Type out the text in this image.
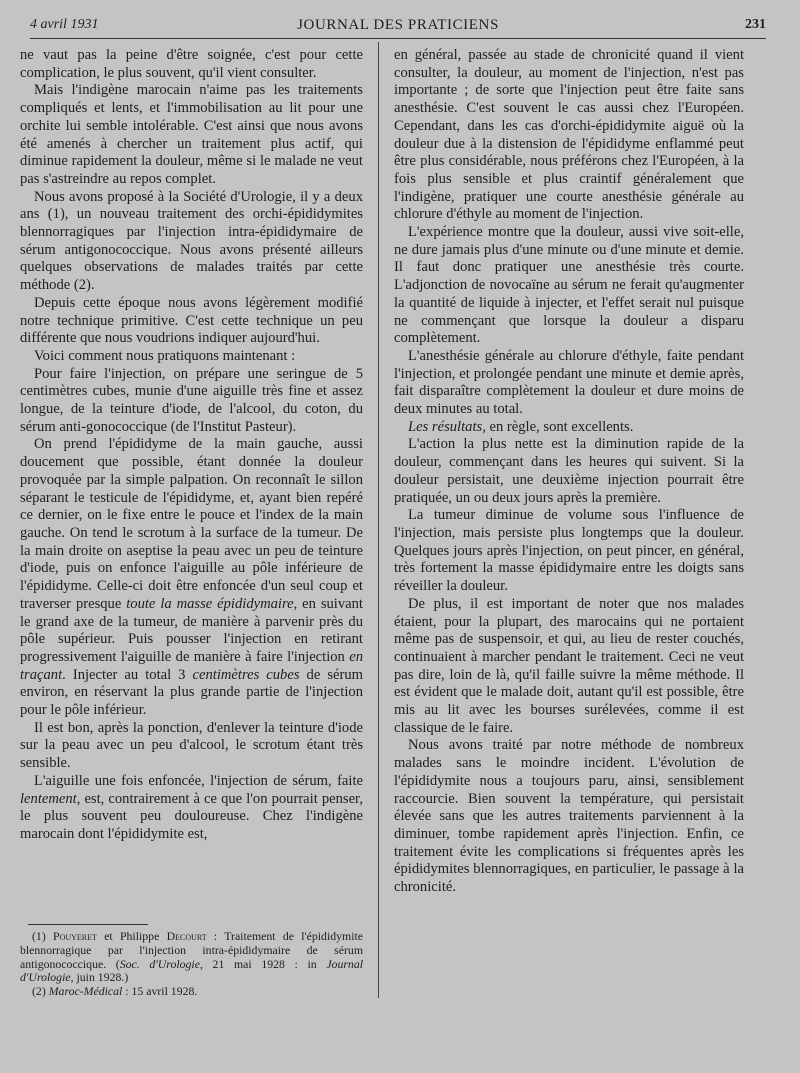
4 avril 1931	JOURNAL DES PRATICIENS	231

ne vaut pas la peine d'être soignée, c'est pour cette complication, le plus souvent, qu'il vient consulter.

Mais l'indigène marocain n'aime pas les traitements compliqués et lents, et l'immobilisation au lit pour une orchite lui semble intolérable. C'est ainsi que nous avons été amenés à chercher un traitement plus actif, qui diminue rapidement la douleur, même si le malade ne veut pas s'astreindre au repos complet.

Nous avons proposé à la Société d'Urologie, il y a deux ans (1), un nouveau traitement des orchi-épididymites blennorragiques par l'injection intra-épididymaire de sérum antigonococcique. Nous avons présenté ailleurs quelques observations de malades traités par cette méthode (2).

Depuis cette époque nous avons légèrement modifié notre technique primitive. C'est cette technique un peu différente que nous voudrions indiquer aujourd'hui.

Voici comment nous pratiquons maintenant :

Pour faire l'injection, on prépare une seringue de 5 centimètres cubes, munie d'une aiguille très fine et assez longue, de la teinture d'iode, de l'alcool, du coton, du sérum anti-gonococcique (de l'Institut Pasteur).

On prend l'épididyme de la main gauche, aussi doucement que possible, étant donnée la douleur provoquée par la simple palpation. On reconnaît le sillon séparant le testicule de l'épididyme, et, ayant bien repéré ce dernier, on le fixe entre le pouce et l'index de la main gauche. On tend le scrotum à la surface de la tumeur. De la main droite on aseptise la peau avec un peu de teinture d'iode, puis on enfonce l'aiguille au pôle inférieure de l'épididyme. Celle-ci doit être enfoncée d'un seul coup et traverser presque toute la masse épididymaire, en suivant le grand axe de la tumeur, de manière à parvenir près du pôle supérieur. Puis pousser l'injection en retirant progressivement l'aiguille de manière à faire l'injection en traçant. Injecter au total 3 centimètres cubes de sérum environ, en réservant la plus grande partie de l'injection pour le pôle inférieur.

Il est bon, après la ponction, d'enlever la teinture d'iode sur la peau avec un peu d'alcool, le scrotum étant très sensible.

L'aiguille une fois enfoncée, l'injection de sérum, faite lentement, est, contrairement à ce que l'on pourrait penser, le plus souvent peu douloureuse. Chez l'indigène marocain dont l'épididymite est,

(1) Pouyeret et Philippe Decourt : Traitement de l'épididymite blennorragique par l'injection intra-épididymaire de sérum antigonococcique. (Soc. d'Urologie, 21 mai 1928 : in Journal d'Urologie, juin 1928.)

(2) Maroc-Médical : 15 avril 1928.

en général, passée au stade de chronicité quand il vient consulter, la douleur, au moment de l'injection, n'est pas importante ; de sorte que l'injection peut être faite sans anesthésie. C'est souvent le cas aussi chez l'Européen. Cependant, dans les cas d'orchi-épididymite aiguë où la douleur due à la distension de l'épididyme enflammé peut être plus considérable, nous préférons chez l'Européen, à la fois plus sensible et plus craintif généralement que l'indigène, pratiquer une courte anesthésie générale au chlorure d'éthyle au moment de l'injection.

L'expérience montre que la douleur, aussi vive soit-elle, ne dure jamais plus d'une minute ou d'une minute et demie. Il faut donc pratiquer une anesthésie très courte. L'adjonction de novocaïne au sérum ne ferait qu'augmenter la quantité de liquide à injecter, et l'effet serait nul puisque ne commençant que lorsque la douleur a disparu complètement.

L'anesthésie générale au chlorure d'éthyle, faite pendant l'injection, et prolongée pendant une minute et demie après, fait disparaître complètement la douleur et dure moins de deux minutes au total.

Les résultats, en règle, sont excellents.

L'action la plus nette est la diminution rapide de la douleur, commençant dans les heures qui suivent. Si la douleur persistait, une deuxième injection pourrait être pratiquée, un ou deux jours après la première.

La tumeur diminue de volume sous l'influence de l'injection, mais persiste plus longtemps que la douleur. Quelques jours après l'injection, on peut pincer, en général, très fortement la masse épididymaire entre les doigts sans réveiller la douleur.

De plus, il est important de noter que nos malades étaient, pour la plupart, des marocains qui ne portaient même pas de suspensoir, et qui, au lieu de rester couchés, continuaient à marcher pendant le traitement. Ceci ne veut pas dire, loin de là, qu'il faille suivre la même méthode. Il est évident que le malade doit, autant qu'il est possible, être mis au lit avec les bourses surélevées, comme il est classique de le faire.

Nous avons traité par notre méthode de nombreux malades sans le moindre incident. L'évolution de l'épididymite nous a toujours paru, ainsi, sensiblement raccourcie. Bien souvent la température, qui persistait élevée sans que les autres traitements parviennent à la diminuer, tombe rapidement après l'injection. Enfin, ce traitement évite les complications si fréquentes après les épididymites blennorragiques, en particulier, le passage à la chronicité.
